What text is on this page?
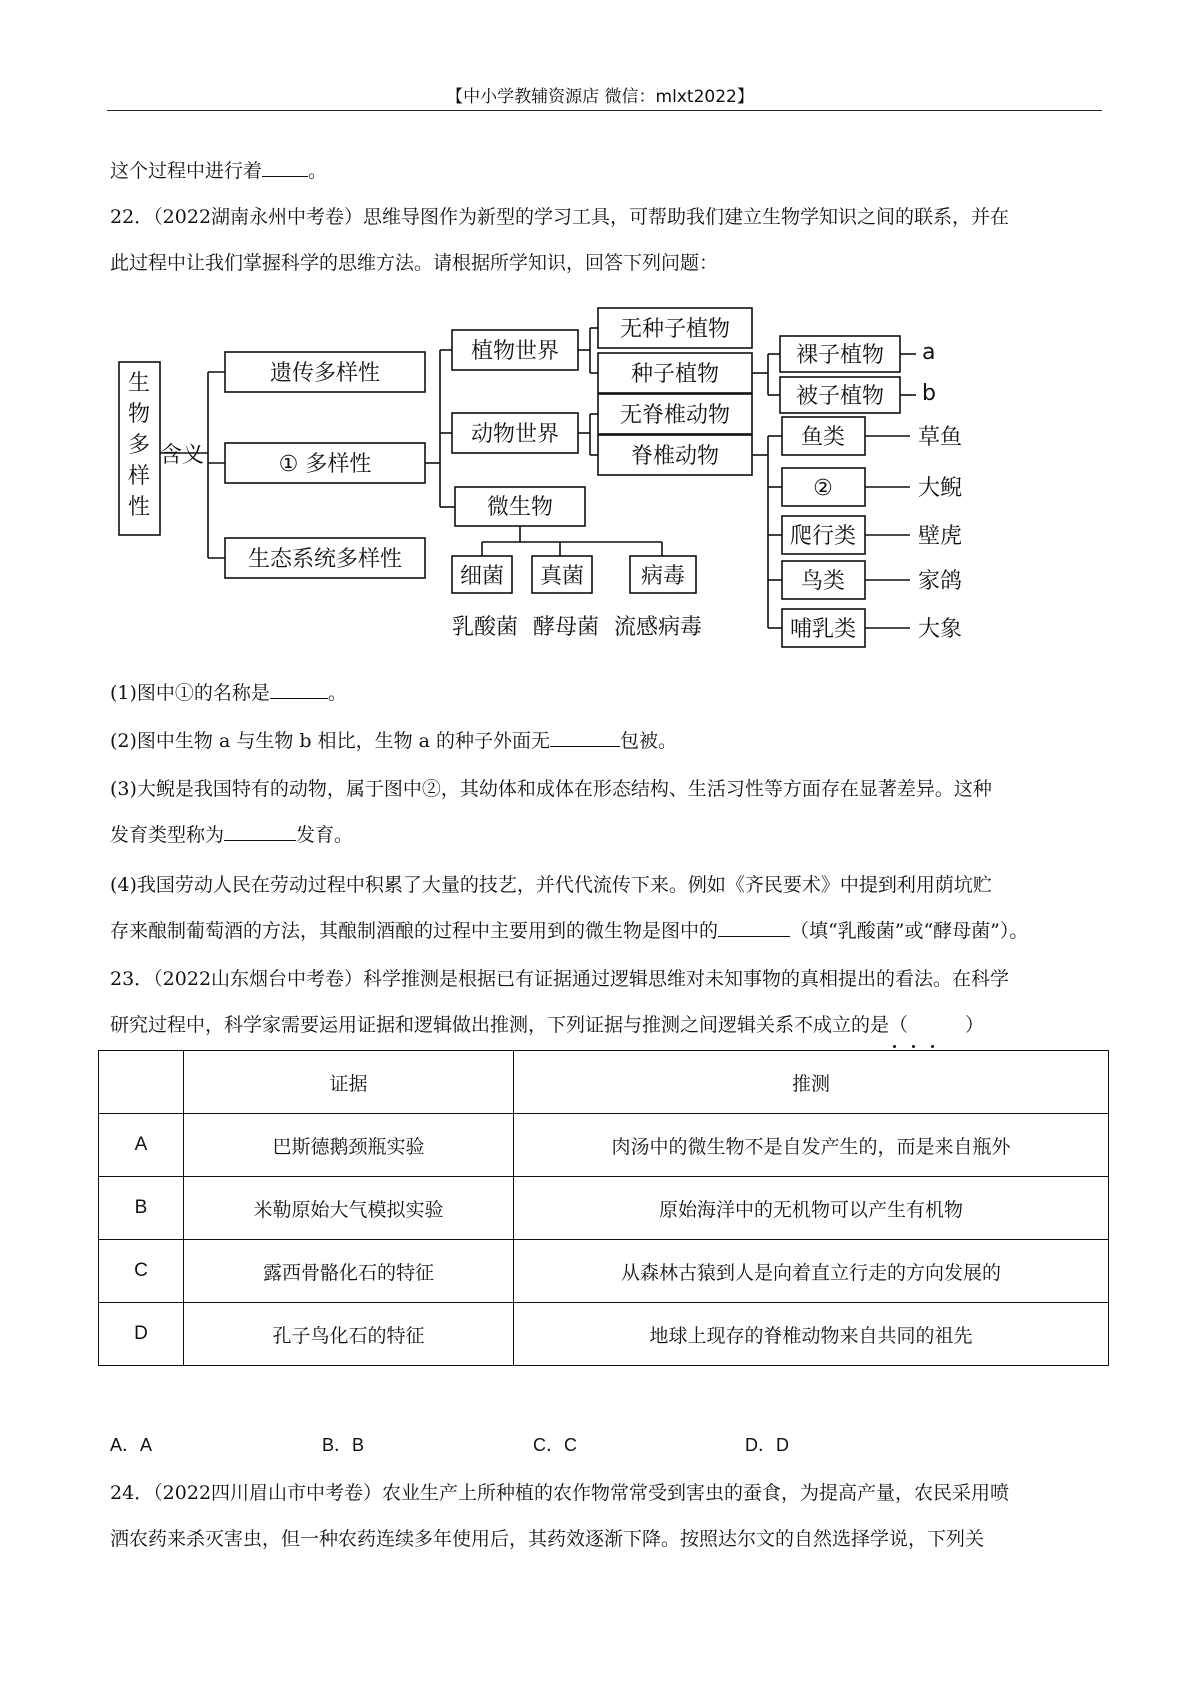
【中小学教辅资源店 微信：mlxt2022】
这个过程中进行着 。
22．（2022湖南永州中考卷）思维导图作为新型的学习工具，可帮助我们建立生物学知识之间的联系，并在
此过程中让我们掌握科学的思维方法。请根据所学知识，回答下列问题：
生物多样性
含义
遗传多样性
① 多样性
生态系统多样性
植物世界
动物世界
微生物
无种子植物
种子植物
无脊椎动物
脊椎动物
裸子植物
被子植物
a
b
鱼类
②
爬行类
鸟类
哺乳类
草鱼
大鲵
壁虎
家鸽
大象
细菌 真菌	病毒
乳酸菌 酵母菌 流感病毒
(1)图中①的名称是	。
(2)图中生物 a 与生物 b 相比，生物 a 的种子外面无	包被。
(3)大鲵是我国特有的动物，属于图中②，其幼体和成体在形态结构、生活习性等方面存在显著差异。这种
发育类型称为	发育。
(4)我国劳动人民在劳动过程中积累了大量的技艺，并代代流传下来。例如《齐民要术》中提到利用荫坑贮
存来酿制葡萄酒的方法，其酿制酒酿的过程中主要用到的微生物是图中的	（填“乳酸菌”或“酵母菌”）。
23．（2022山东烟台中考卷）科学推测是根据已有证据通过逻辑思维对未知事物的真相提出的看法。在科学
研究过程中，科学家需要运用证据和逻辑做出推测，下列证据与推测之间逻辑关系不成立的是（　　　）
	证据	推测
A	巴斯德鹅颈瓶实验	肉汤中的微生物不是自发产生的，而是来自瓶外
B	米勒原始大气模拟实验	原始海洋中的无机物可以产生有机物
C	露西骨骼化石的特征	从森林古猿到人是向着直立行走的方向发展的
D	孔子鸟化石的特征	地球上现存的脊椎动物来自共同的祖先
A．A	B．B	C．C	D．D
24．（2022四川眉山市中考卷）农业生产上所种植的农作物常常受到害虫的蚕食，为提高产量，农民采用喷
洒农药来杀灭害虫，但一种农药连续多年使用后，其药效逐渐下降。按照达尔文的自然选择学说，下列关
